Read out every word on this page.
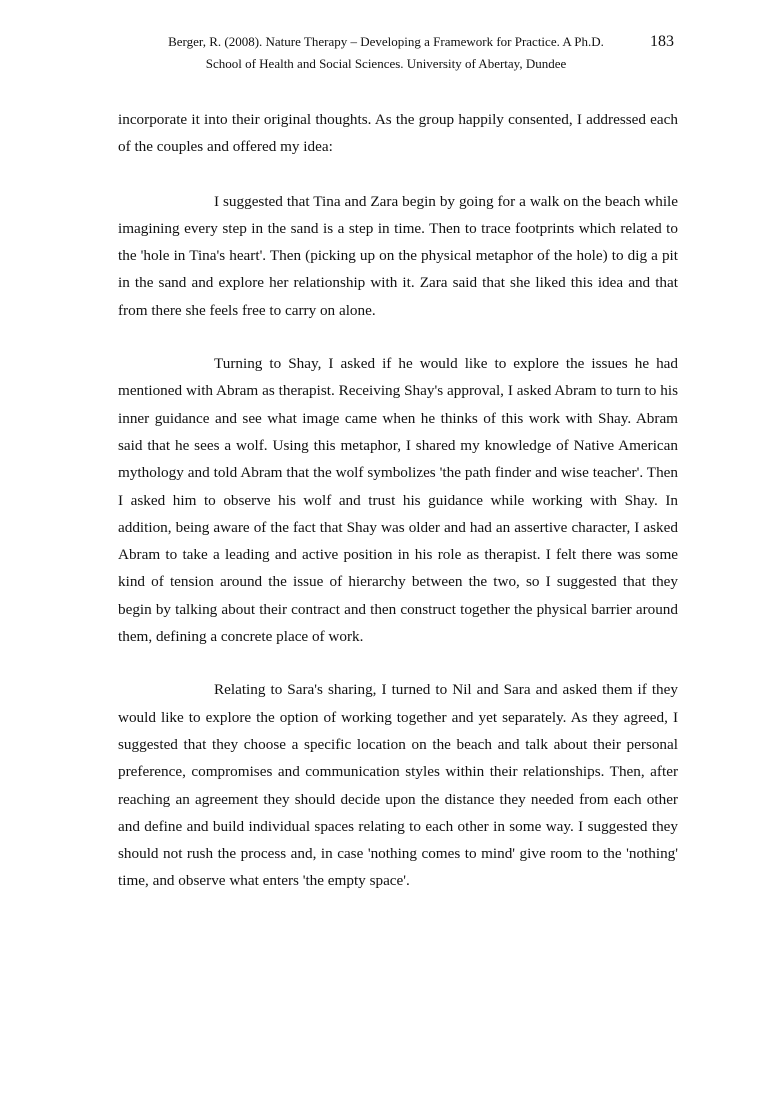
Berger, R. (2008). Nature Therapy – Developing a Framework for Practice. A Ph.D.	183
School of Health and Social Sciences. University of Abertay, Dundee

incorporate it into their original thoughts. As the group happily consented, I addressed each of the couples and offered my idea:

I suggested that Tina and Zara begin by going for a walk on the beach while imagining every step in the sand is a step in time. Then to trace footprints which related to the 'hole in Tina's heart'. Then (picking up on the physical metaphor of the hole) to dig a pit in the sand and explore her relationship with it. Zara said that she liked this idea and that from there she feels free to carry on alone.

Turning to Shay, I asked if he would like to explore the issues he had mentioned with Abram as therapist. Receiving Shay's approval, I asked Abram to turn to his inner guidance and see what image came when he thinks of this work with Shay. Abram said that he sees a wolf. Using this metaphor, I shared my knowledge of Native American mythology and told Abram that the wolf symbolizes 'the path finder and wise teacher'. Then I asked him to observe his wolf and trust his guidance while working with Shay. In addition, being aware of the fact that Shay was older and had an assertive character, I asked Abram to take a leading and active position in his role as therapist. I felt there was some kind of tension around the issue of hierarchy between the two, so I suggested that they begin by talking about their contract and then construct together the physical barrier around them, defining a concrete place of work.

Relating to Sara's sharing, I turned to Nil and Sara and asked them if they would like to explore the option of working together and yet separately. As they agreed, I suggested that they choose a specific location on the beach and talk about their personal preference, compromises and communication styles within their relationships. Then, after reaching an agreement they should decide upon the distance they needed from each other and define and build individual spaces relating to each other in some way. I suggested they should not rush the process and, in case 'nothing comes to mind' give room to the 'nothing' time, and observe what enters 'the empty space'.
